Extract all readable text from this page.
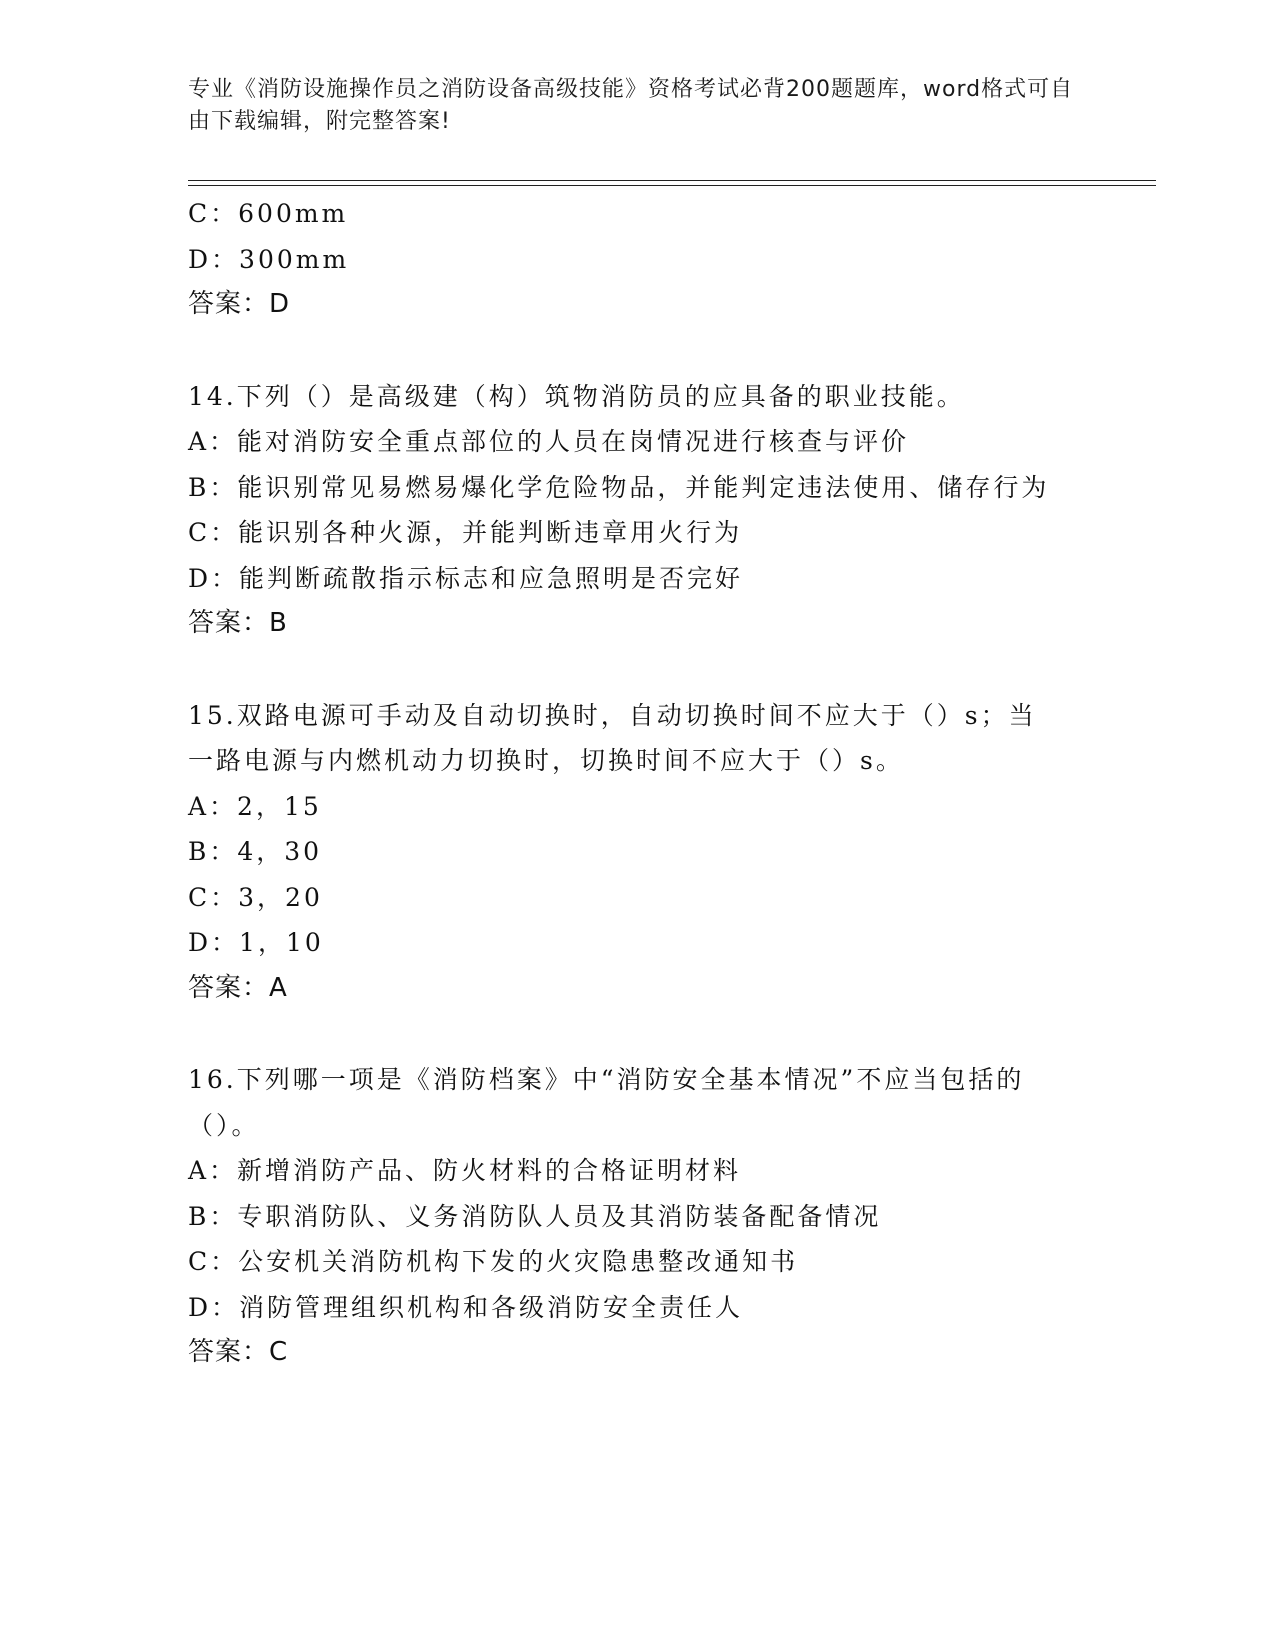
专业《消防设施操作员之消防设备高级技能》资格考试必背200题题库，word格式可自由下载编辑，附完整答案!
C：600mm
D：300mm
答案：D
14.下列（）是高级建（构）筑物消防员的应具备的职业技能。
A：能对消防安全重点部位的人员在岗情况进行核查与评价
B：能识别常见易燃易爆化学危险物品，并能判定违法使用、储存行为
C：能识别各种火源，并能判断违章用火行为
D：能判断疏散指示标志和应急照明是否完好
答案：B
15.双路电源可手动及自动切换时，自动切换时间不应大于（）s；当一路电源与内燃机动力切换时，切换时间不应大于（）s。
A：2，15
B：4，30
C：3，20
D：1，10
答案：A
16.下列哪一项是《消防档案》中“消防安全基本情况”不应当包括的（）。
A：新增消防产品、防火材料的合格证明材料
B：专职消防队、义务消防队人员及其消防装备配备情况
C：公安机关消防机构下发的火灾隐患整改通知书
D：消防管理组织机构和各级消防安全责任人
答案：C
